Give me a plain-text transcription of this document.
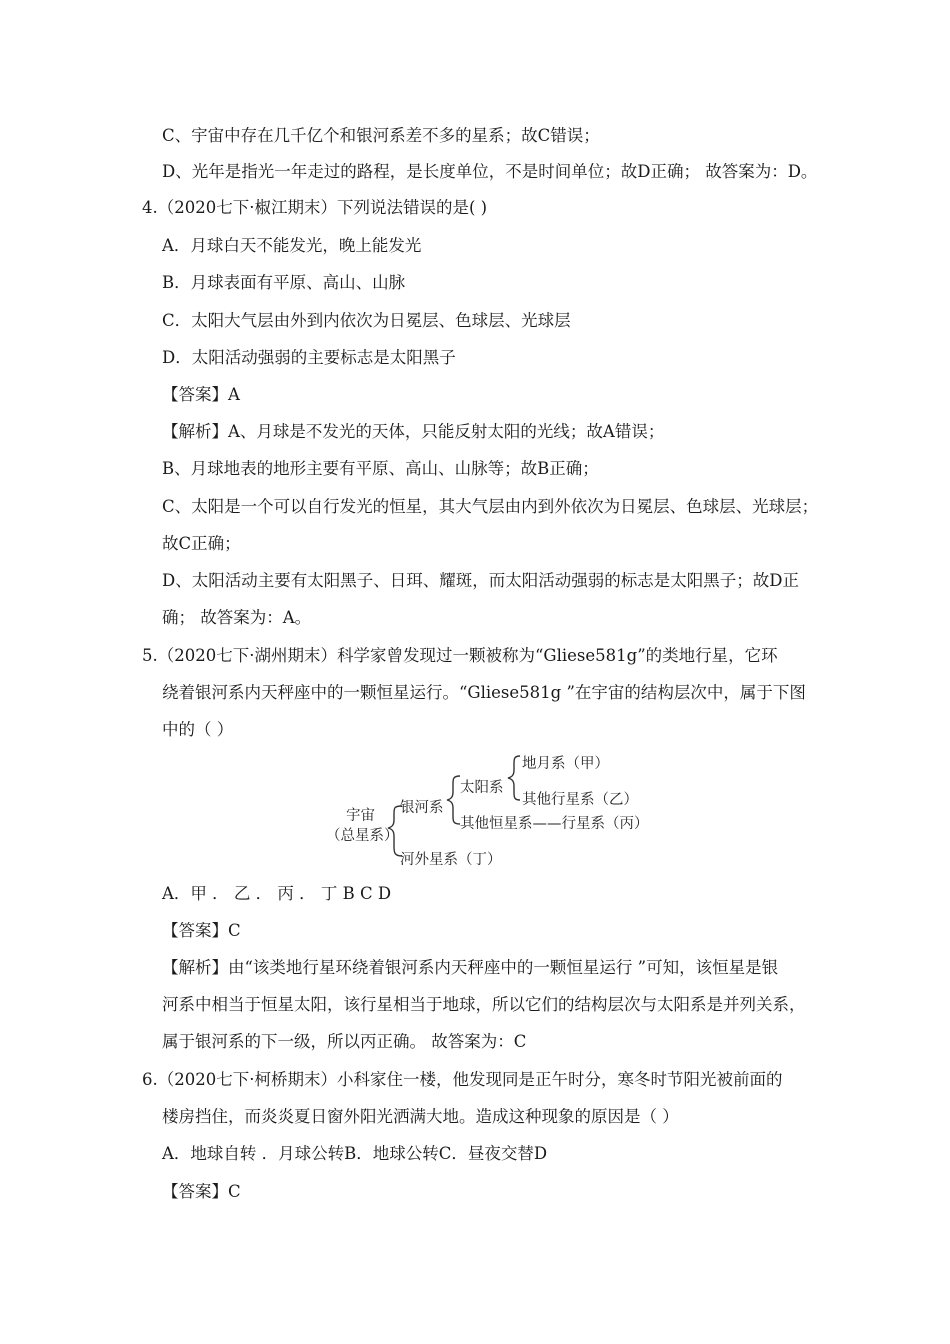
C、宇宙中存在几千亿个和银河系差不多的星系；故C错误；
D、光年是指光一年走过的路程，是长度单位，不是时间单位；故D正确； 故答案为：D。
4.（2020七下·椒江期末）下列说法错误的是( )
A．月球白天不能发光，晚上能发光
B．月球表面有平原、高山、山脉
C．太阳大气层由外到内依次为日冕层、色球层、光球层
D．太阳活动强弱的主要标志是太阳黑子
【答案】A
【解析】A、月球是不发光的天体，只能反射太阳的光线；故A错误；
B、月球地表的地形主要有平原、高山、山脉等；故B正确；
C、太阳是一个可以自行发光的恒星，其大气层由内到外依次为日冕层、色球层、光球层；
故C正确；
D、太阳活动主要有太阳黑子、日珥、耀斑，而太阳活动强弱的标志是太阳黑子；故D正
确； 故答案为：A。
5.（2020七下·湖州期末）科学家曾发现过一颗被称为“Gliese581g”的类地行星，它环
绕着银河系内天秤座中的一颗恒星运行。“Gliese581g ”在宇宙的结构层次中，属于下图
中的（ ）
宇宙
（总星系）
银河系
太阳系
地月系（甲）
其他行星系（乙）
其他恒星系——行星系（丙）
河外星系（丁）
A．甲 ． 乙 ． 丙 ． 丁 B C D
【答案】C
【解析】由“该类地行星环绕着银河系内天秤座中的一颗恒星运行 ”可知，该恒星是银
河系中相当于恒星太阳，该行星相当于地球，所以它们的结构层次与太阳系是并列关系，
属于银河系的下一级，所以丙正确。 故答案为：C
6.（2020七下·柯桥期末）小科家住一楼，他发现同是正午时分，寒冬时节阳光被前面的
楼房挡住，而炎炎夏日窗外阳光洒满大地。造成这种现象的原因是（ ）
A．地球自转 ．月球公转B．地球公转C．昼夜交替D
【答案】C
